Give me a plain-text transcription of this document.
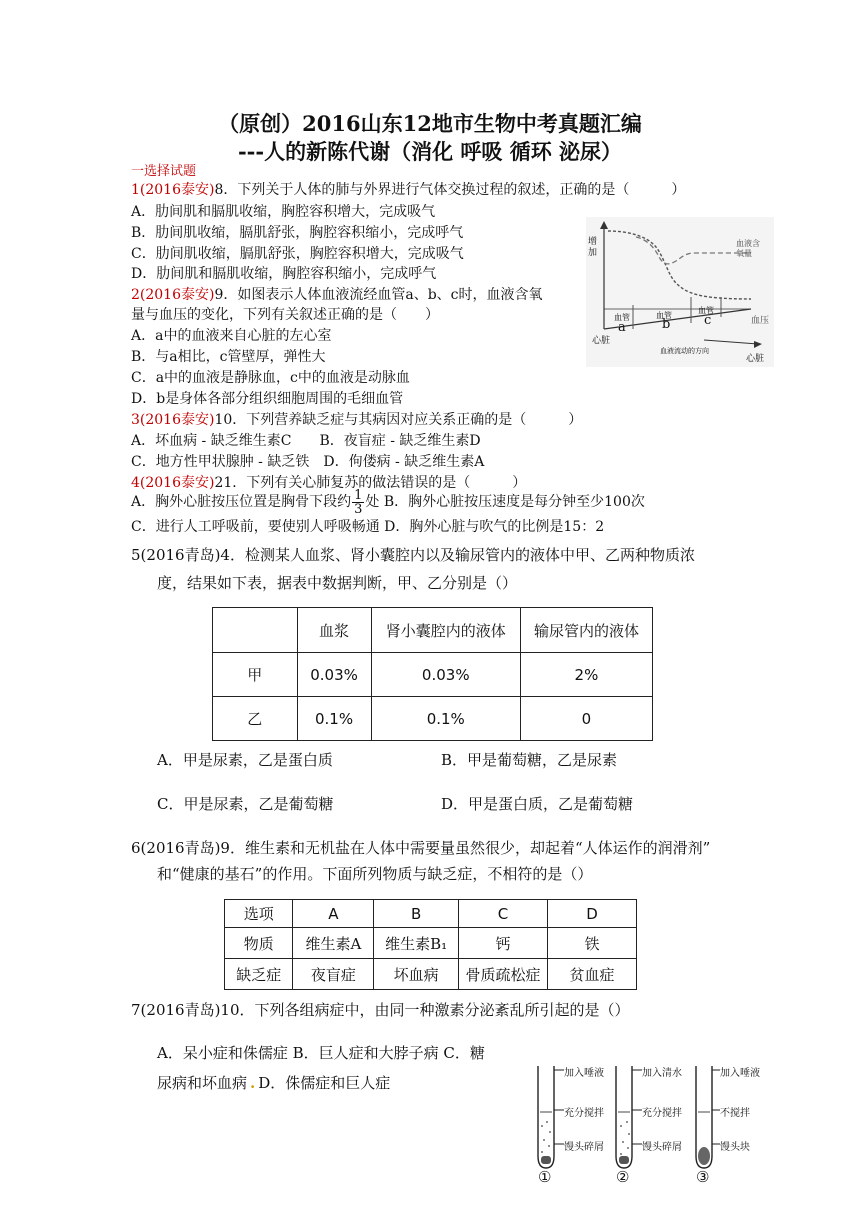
（原创）2016山东12地市生物中考真题汇编
---人的新陈代谢（消化 呼吸 循环 泌尿）
一选择试题
1(2016泰安)8．下列关于人体的肺与外界进行气体交换过程的叙述，正确的是（　　　）
A．肋间肌和膈肌收缩，胸腔容积增大，完成吸气
B．肋间肌收缩，膈肌舒张，胸腔容积缩小，完成呼气
C．肋间肌收缩，膈肌舒张，胸腔容积增大，完成吸气
D．肋间肌和膈肌收缩，胸腔容积缩小，完成呼气
2(2016泰安)9．如图表示人体血液流经血管a、b、c时，血液含氧
量与血压的变化，下列有关叙述正确的是（　　）
A．a中的血液来自心脏的左心室
B．与a相比，c管壁厚，弹性大
C．a中的血液是静脉血，c中的血液是动脉血
D．b是身体各部分组织细胞周围的毛细血管
3(2016泰安)10．下列营养缺乏症与其病因对应关系正确的是（　　　）
A．坏血病 - 缺乏维生素C　　B．夜盲症 - 缺乏维生素D
C．地方性甲状腺肿 - 缺乏铁　D．佝偻病 - 缺乏维生素A
4(2016泰安)21．下列有关心肺复苏的做法错误的是（　　　）
A．胸外心脏按压位置是胸骨下段约 $\frac{1}{3}$ 处 B．胸外心脏按压速度是每分钟至少100次
C．进行人工呼吸前，要使别人呼吸畅通 D．胸外心脏与吹气的比例是15：2
5(2016青岛)4．检测某人血浆、肾小囊腔内以及输尿管内的液体中甲、乙两种物质浓
度，结果如下表，据表中数据判断，甲、乙分别是（）
	血浆	肾小囊腔内的液体	输尿管内的液体
甲	0.03%	0.03%	2%
乙	0.1%	0.1%	0
A．甲是尿素，乙是蛋白质	B．甲是葡萄糖，乙是尿素
C．甲是尿素，乙是葡萄糖	D．甲是蛋白质，乙是葡萄糖
6(2016青岛)9．维生素和无机盐在人体中需要量虽然很少，却起着“人体运作的润滑剂”
和“健康的基石”的作用。下面所列物质与缺乏症，不相符的是（）
选项	A	B	C	D
物质	维生素A	维生素B₁	钙	铁
缺乏症	夜盲症	坏血病	骨质疏松症	贫血症
7(2016青岛)10．下列各组病症中，由同一种激素分泌紊乱所引起的是（）
A．呆小症和侏儒症 B．巨人症和大脖子病 C．糖
尿病和坏血病 . D．侏儒症和巨人症
增加
血液含氧量
血压
血管
a
血管
b
血管
c
心脏
心脏
血液流动的方向
加入唾液
充分搅拌
馒头碎屑
①
加入清水
充分搅拌
馒头碎屑
②
加入唾液
不搅拌
馒头块
③
